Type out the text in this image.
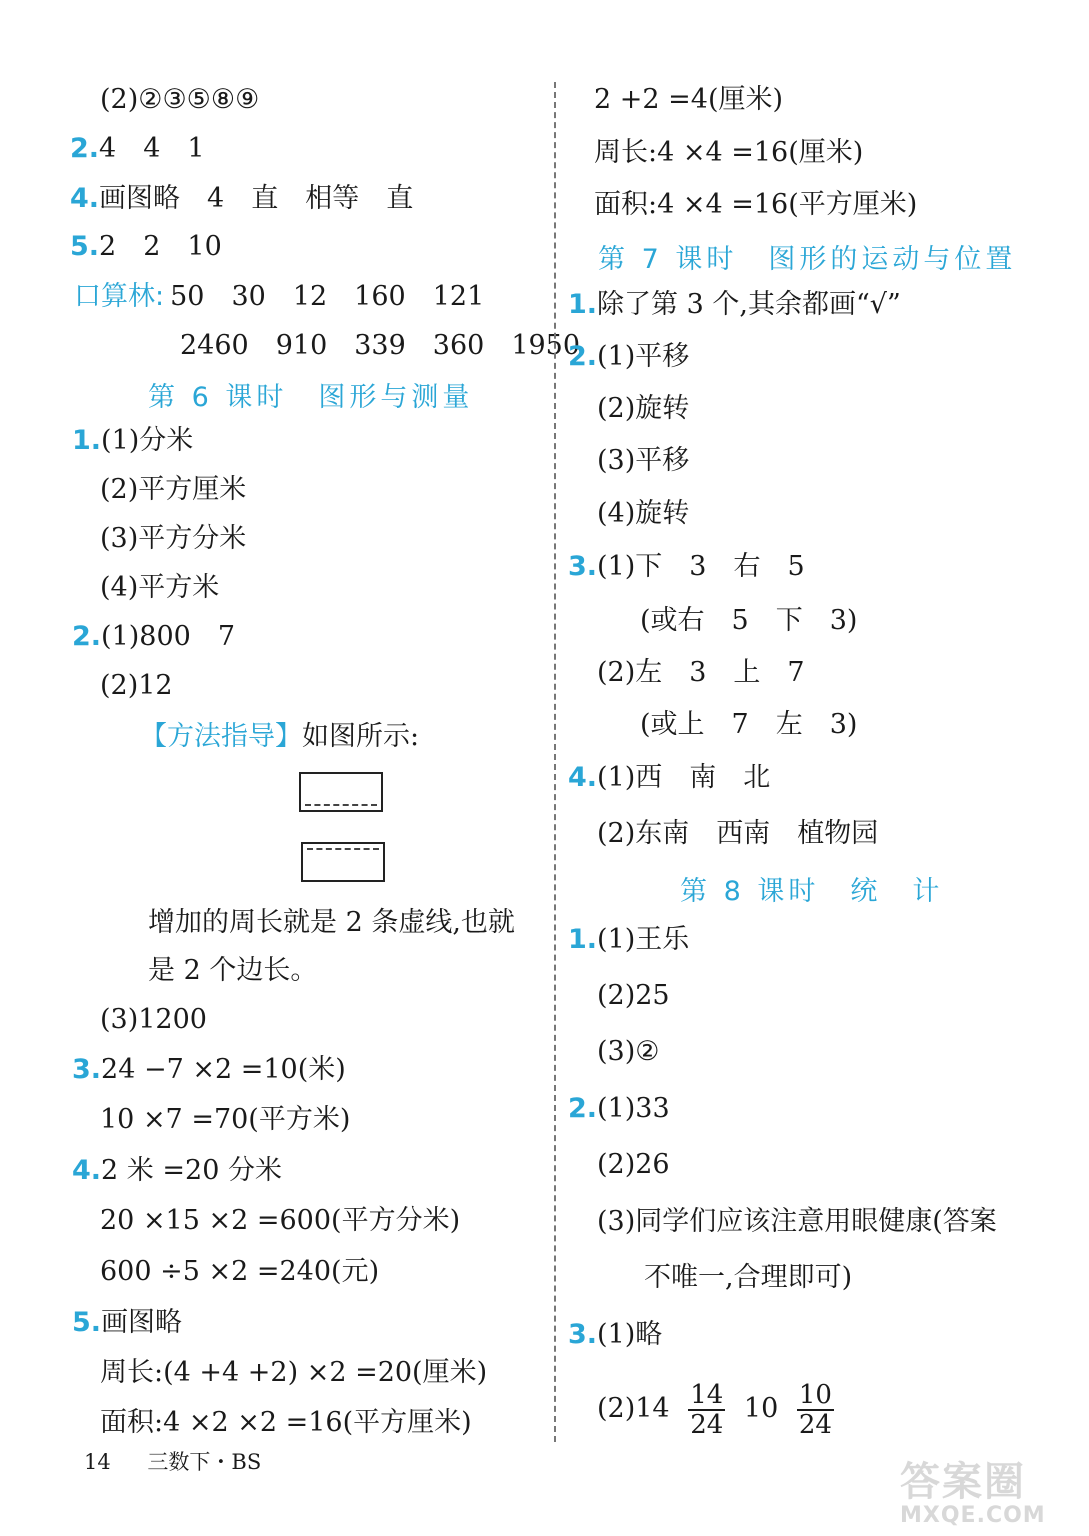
(2)②③⑤⑧⑨
2.4　4　1
4.画图略　4　直　相等　直
5.2　2　10
口算林: 50　30　12　160　121
2460　910　339　360　1950
第 6 课时　图形与测量
1.(1)分米
(2)平方厘米
(3)平方分米
(4)平方米
2.(1)800　7
(2)12
【方法指导】如图所示:
增加的周长就是 2 条虚线,也就
是 2 个边长。
(3)1200
3.24 −7 ×2 =10(米)
10 ×7 =70(平方米)
4.2 米 =20 分米
20 ×15 ×2 =600(平方分米)
600 ÷5 ×2 =240(元)
5.画图略
周长:(4 +4 +2) ×2 =20(厘米)
面积:4 ×2 ×2 =16(平方厘米)
2 +2 =4(厘米)
周长:4 ×4 =16(厘米)
面积:4 ×4 =16(平方厘米)
第 7 课时　图形的运动与位置
1.除了第 3 个,其余都画“√”
2.(1)平移
(2)旋转
(3)平移
(4)旋转
3.(1)下　3　右　5
(或右　5　下　3)
(2)左　3　上　7
(或上　7　左　3)
4.(1)西　南　北
(2)东南　西南　植物园
第 8 课时　统　计
1.(1)王乐
(2)25
(3)②
2.(1)33
(2)26
(3)同学们应该注意用眼健康(答案
不唯一,合理即可)
3.(1)略
$(2)14 \frac{14}{24} 10 \frac{10}{24}$
14 三数下・BS	答案圈
MXQE.COM
